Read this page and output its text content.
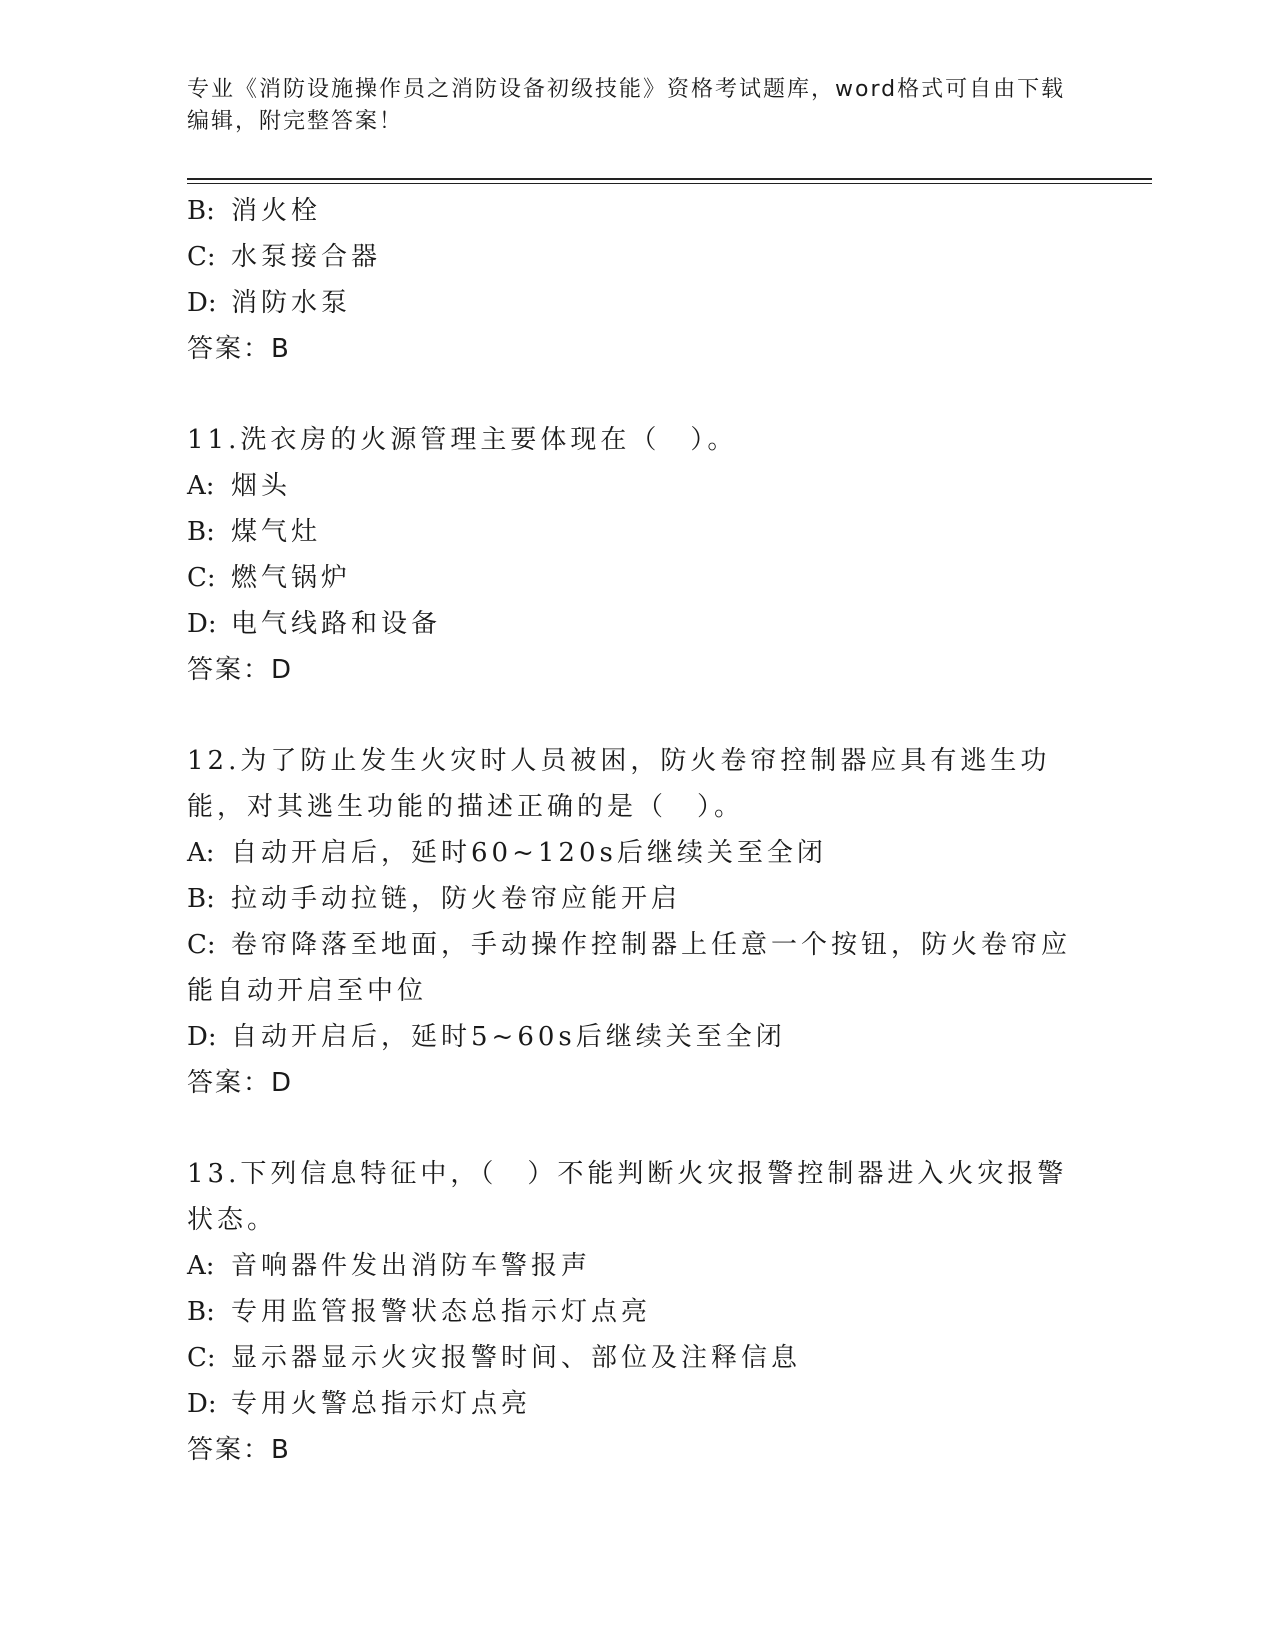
专业《消防设施操作员之消防设备初级技能》资格考试题库，word格式可自由下载编辑，附完整答案！
B: 消火栓
C: 水泵接合器
D: 消防水泵
答案：B
11.洗衣房的火源管理主要体现在（　）。
A: 烟头
B: 煤气灶
C: 燃气锅炉
D: 电气线路和设备
答案：D
12.为了防止发生火灾时人员被困，防火卷帘控制器应具有逃生功能，对其逃生功能的描述正确的是（　）。
A: 自动开启后，延时60~120s后继续关至全闭
B: 拉动手动拉链，防火卷帘应能开启
C: 卷帘降落至地面，手动操作控制器上任意一个按钮，防火卷帘应能自动开启至中位
D: 自动开启后，延时5~60s后继续关至全闭
答案：D
13.下列信息特征中，（　）不能判断火灾报警控制器进入火灾报警状态。
A: 音响器件发出消防车警报声
B: 专用监管报警状态总指示灯点亮
C: 显示器显示火灾报警时间、部位及注释信息
D: 专用火警总指示灯点亮
答案：B
